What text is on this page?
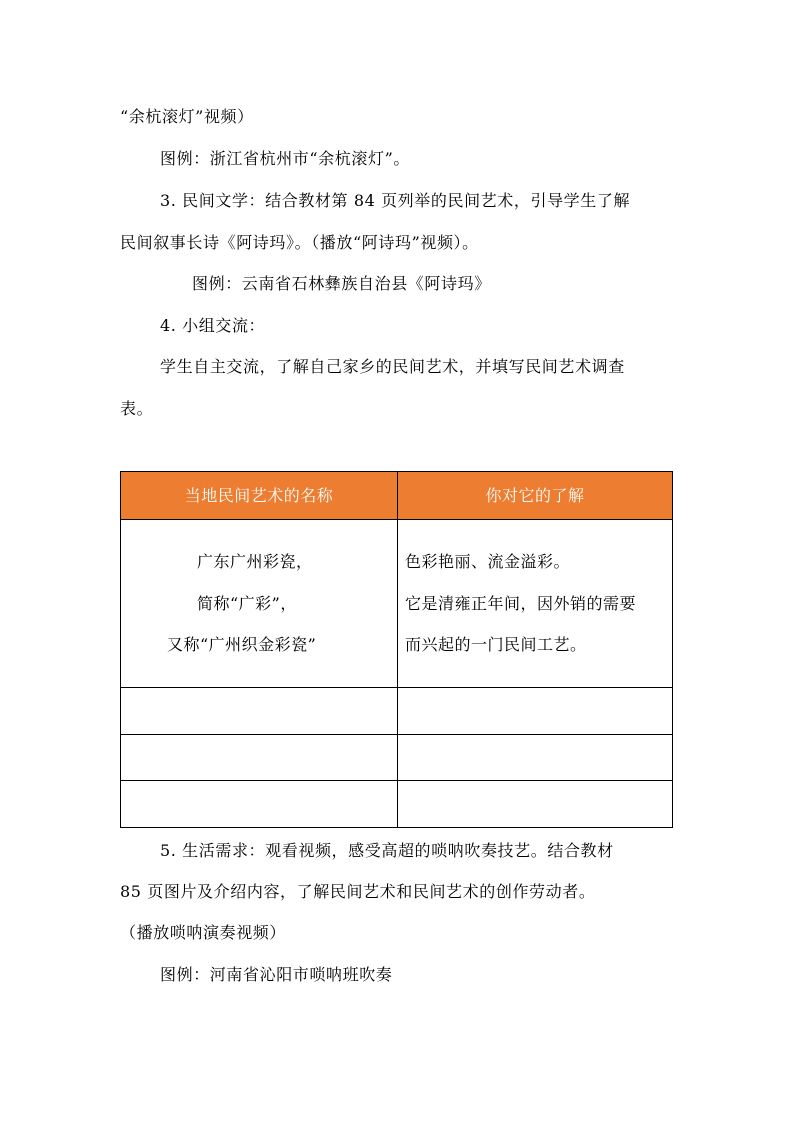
“余杭滚灯”视频）
图例：浙江省杭州市“余杭滚灯”。
3. 民间文学：结合教材第 84 页列举的民间艺术，引导学生了解
民间叙事长诗《阿诗玛》。（播放“阿诗玛”视频）。
图例：云南省石林彝族自治县《阿诗玛》
4. 小组交流：
学生自主交流，了解自己家乡的民间艺术，并填写民间艺术调查
表。
当地民间艺术的名称	你对它的了解
广东广州彩瓷，
简称“广彩”，
又称“广州织金彩瓷”
色彩艳丽、流金溢彩。
它是清雍正年间，因外销的需要
而兴起的一门民间工艺。
5. 生活需求：观看视频，感受高超的唢呐吹奏技艺。结合教材
85 页图片及介绍内容，了解民间艺术和民间艺术的创作劳动者。
（播放唢呐演奏视频）
图例：河南省沁阳市唢呐班吹奏
